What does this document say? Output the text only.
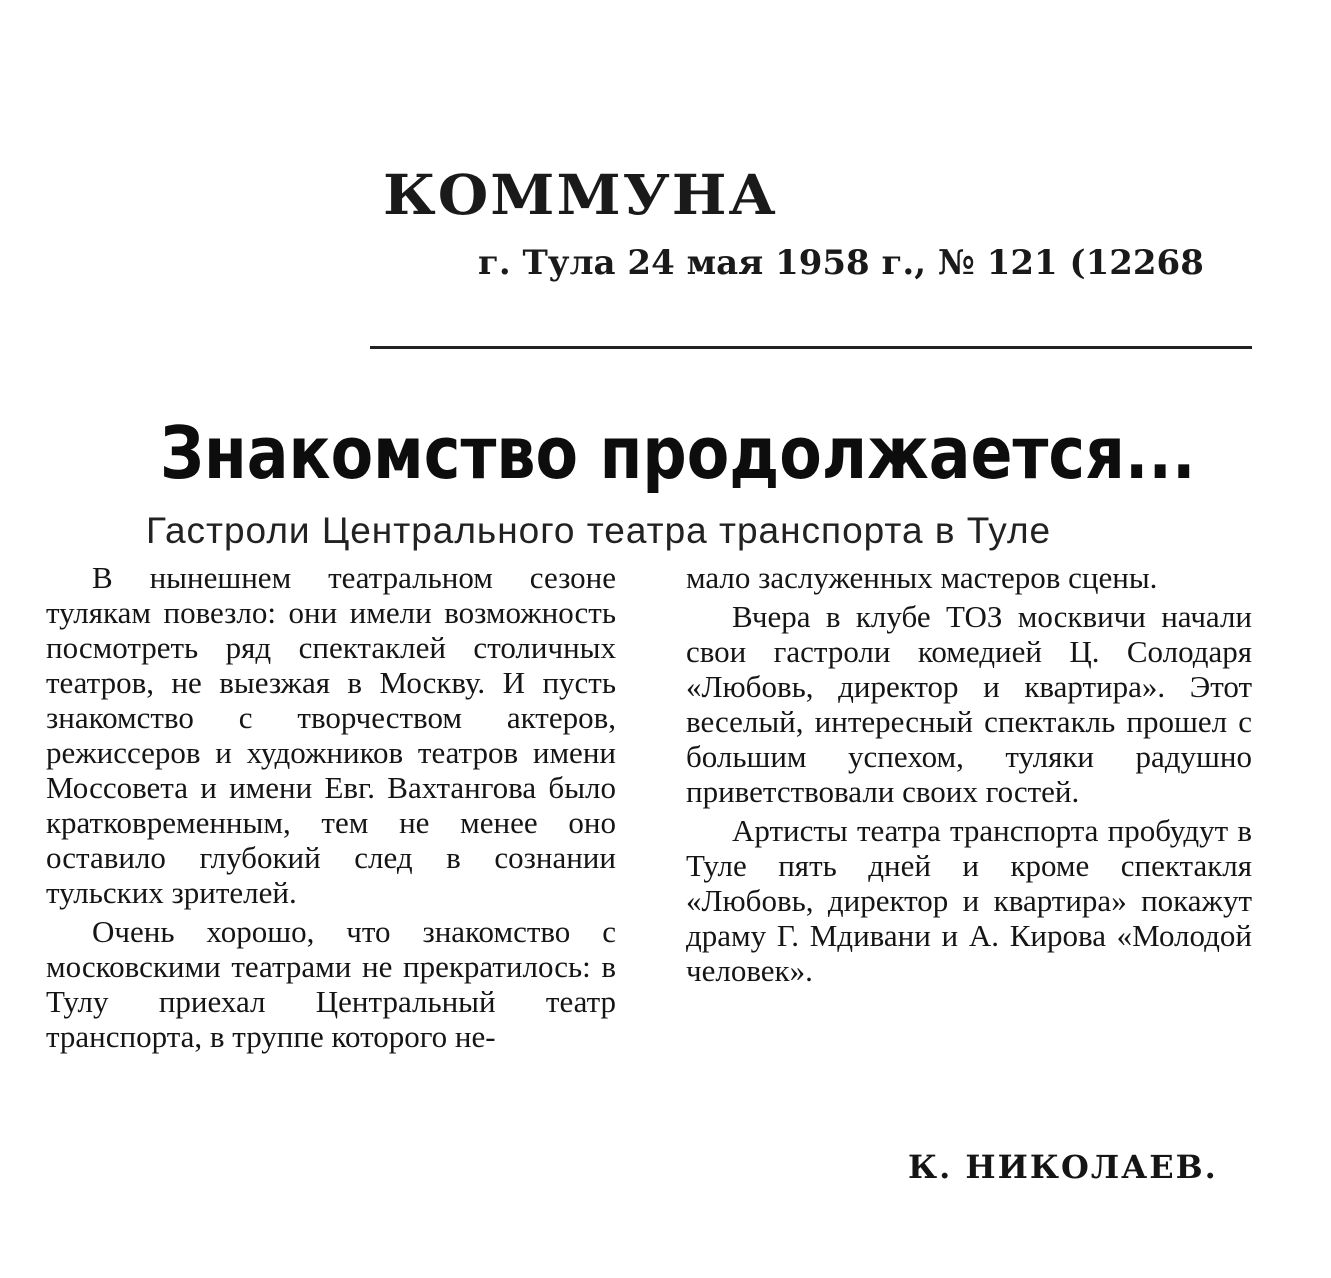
КОММУНА
г. Тула 24 мая 1958 г., № 121 (12268
Знакомство продолжается...
Гастроли Центрального театра транспорта в Туле

В нынешнем театральном сезоне тулякам повезло: они имели возможность посмотреть ряд спектаклей столичных театров, не выезжая в Москву. И пусть знакомство с творчеством актеров, режиссеров и художников театров имени Моссовета и имени Евг. Вахтангова было кратковременным, тем не менее оно оставило глубокий след в сознании тульских зрителей.

Очень хорошо, что знакомство с московскими театрами не прекратилось: в Тулу приехал Центральный театр транспорта, в труппе которого не-

мало заслуженных мастеров сцены.

Вчера в клубе ТОЗ москвичи начали свои гастроли комедией Ц. Солодаря «Любовь, директор и квартира». Этот веселый, интересный спектакль прошел с большим успехом, туляки радушно приветствовали своих гостей.

Артисты театра транспорта пробудут в Туле пять дней и кроме спектакля «Любовь, директор и квартира» покажут драму Г. Мдивани и А. Кирова «Молодой человек».

К. НИКОЛАЕВ.
